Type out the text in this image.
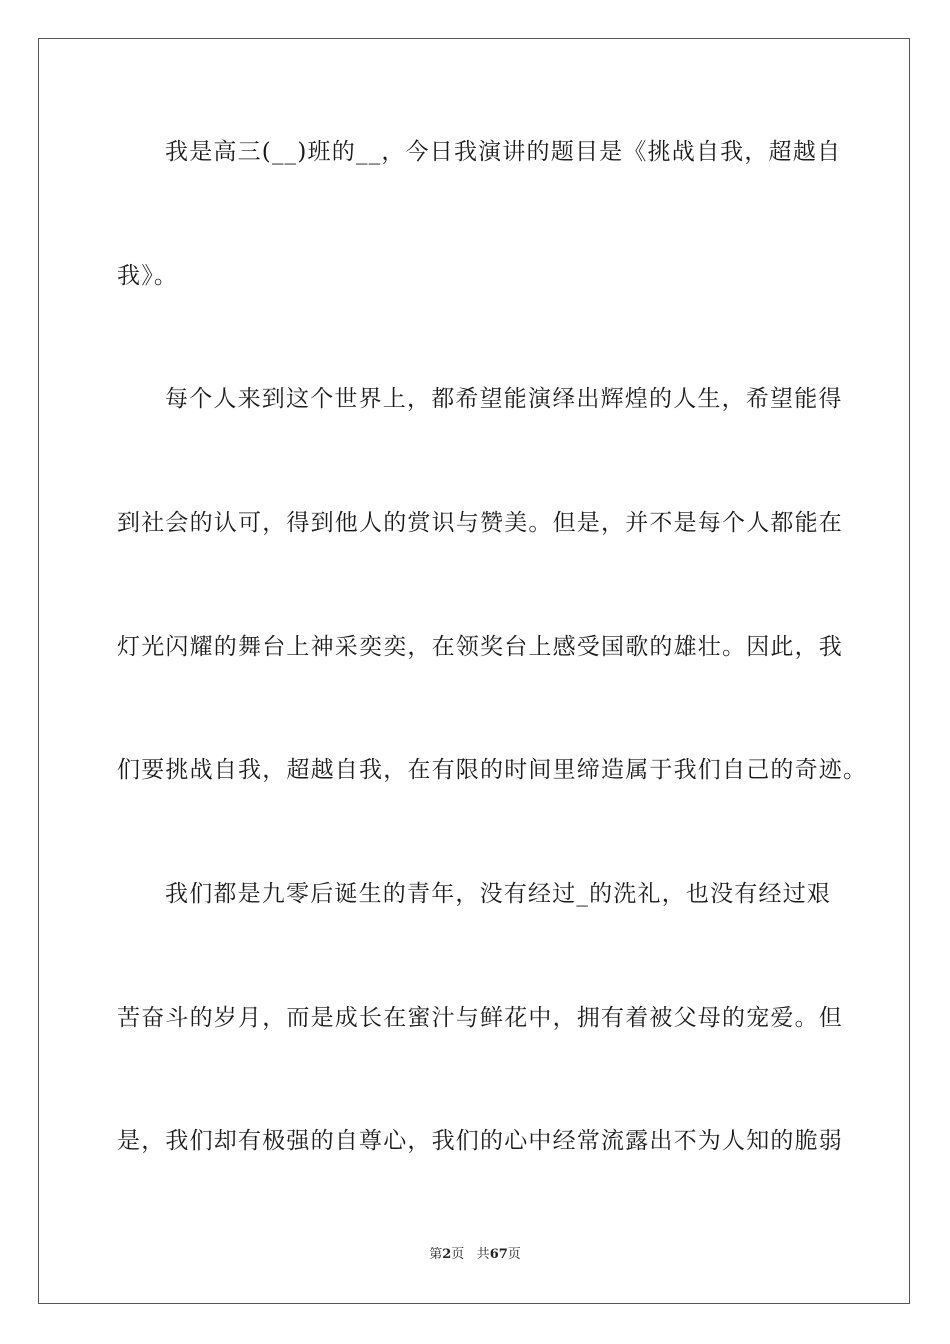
我是高三(__)班的__，今日我演讲的题目是《挑战自我，超越自
我》。
每个人来到这个世界上，都希望能演绎出辉煌的人生，希望能得
到社会的认可，得到他人的赏识与赞美。但是，并不是每个人都能在
灯光闪耀的舞台上神采奕奕，在领奖台上感受国歌的雄壮。因此，我
们要挑战自我，超越自我，在有限的时间里缔造属于我们自己的奇迹。
我们都是九零后诞生的青年，没有经过_的洗礼，也没有经过艰
苦奋斗的岁月，而是成长在蜜汁与鲜花中，拥有着被父母的宠爱。但
是，我们却有极强的自尊心，我们的心中经常流露出不为人知的脆弱
第2页 共67页
